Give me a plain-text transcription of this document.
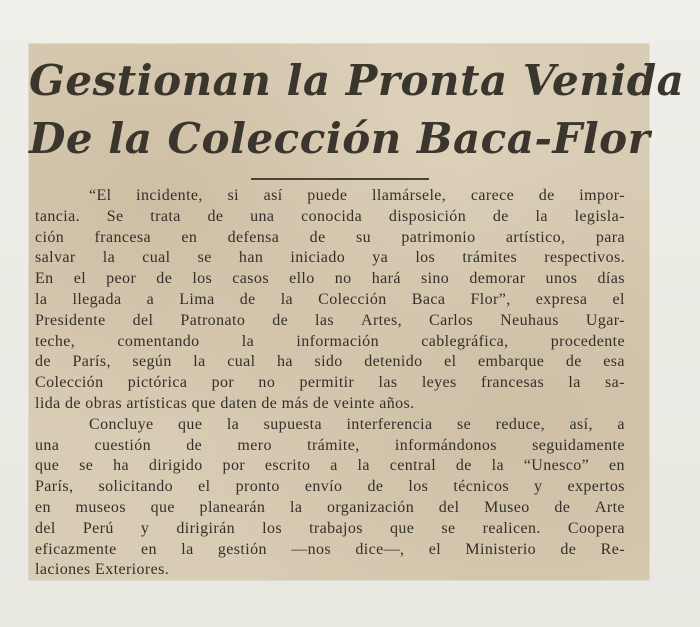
Gestionan la Pronta Venida
De la Colección Baca-Flor
“El incidente, si así puede llamársele, carece de impor-
tancia. Se trata de una conocida disposición de la legisla-
ción francesa en defensa de su patrimonio artístico, para
salvar la cual se han iniciado ya los trámites respectivos.
En el peor de los casos ello no hará sino demorar unos días
la llegada a Lima de la Colección Baca Flor”, expresa el
Presidente del Patronato de las Artes, Carlos Neuhaus Ugar-
teche,	comentando	la	información	cablegráfica,	procedente
de París, según la cual ha sido detenido el embarque de esa
Colección pictórica por no permitir las leyes francesas la sa-
lida de obras artísticas que daten de más de veinte años.
Concluye que la supuesta interferencia se reduce, así, a
una cuestión de mero trámite, informándonos seguidamente
que se ha dirigido por escrito a la central de la “Unesco” en
París, solicitando el pronto envío de los técnicos y expertos
en museos que planearán la organización del Museo de Arte
del Perú y dirigirán los trabajos que se realicen. Coopera
eficazmente en la gestión —nos dice—, el Ministerio de Re-
laciones Exteriores.
